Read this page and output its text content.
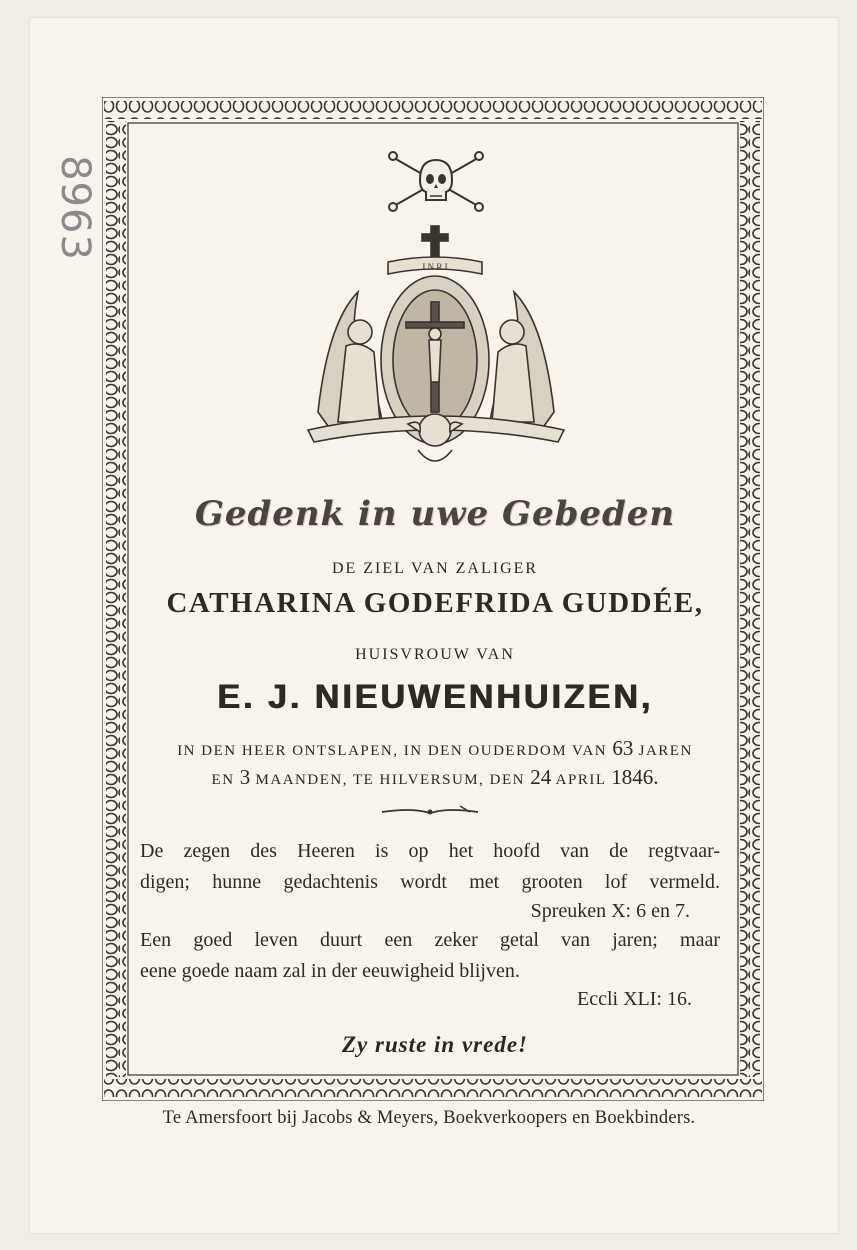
8963
I N R I
Gedenk in uwe Gebeden
DE ZIEL VAN ZALIGER
CATHARINA GODEFRIDA GUDDÉE,
HUISVROUW VAN
E. J. NIEUWENHUIZEN,
IN DEN HEER ONTSLAPEN, IN DEN OUDERDOM VAN 63 JAREN
EN 3 MAANDEN, TE HILVERSUM, DEN 24 APRIL 1846.
De zegen des Heeren is op het hoofd van de regtvaar-
digen; hunne gedachtenis wordt met grooten lof vermeld.
Spreuken X: 6 en 7.
Een goed leven duurt een zeker getal van jaren; maar
eene goede naam zal in der eeuwigheid blijven.
Eccli XLI: 16.
Zy ruste in vrede!
Te Amersfoort bij Jacobs & Meyers, Boekverkoopers en Boekbinders.
